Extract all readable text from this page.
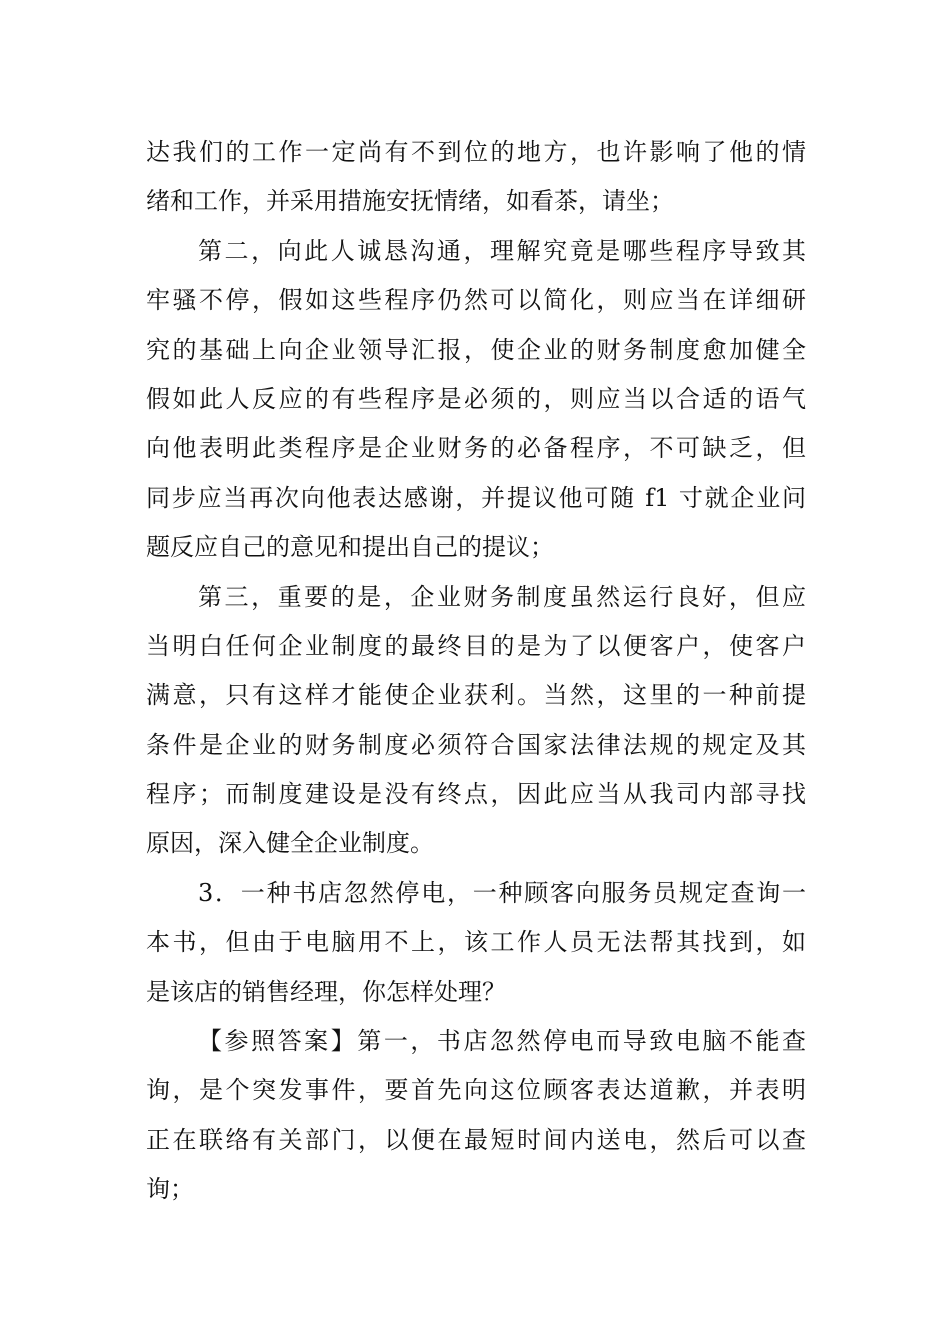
达我们的工作一定尚有不到位的地方，也许影响了他的情
绪和工作，并采用措施安抚情绪，如看茶，请坐；
第二，向此人诚恳沟通，理解究竟是哪些程序导致其
牢骚不停，假如这些程序仍然可以简化，则应当在详细研
究的基础上向企业领导汇报，使企业的财务制度愈加健全
假如此人反应的有些程序是必须的，则应当以合适的语气
向他表明此类程序是企业财务的必备程序，不可缺乏，但
同步应当再次向他表达感谢，并提议他可随 f1 寸就企业问
题反应自己的意见和提出自己的提议；
第三，重要的是，企业财务制度虽然运行良好，但应
当明白任何企业制度的最终目的是为了以便客户，使客户
满意，只有这样才能使企业获利。当然，这里的一种前提
条件是企业的财务制度必须符合国家法律法规的规定及其
程序；而制度建设是没有终点，因此应当从我司内部寻找
原因，深入健全企业制度。
3．一种书店忽然停电，一种顾客向服务员规定查询一
本书，但由于电脑用不上，该工作人员无法帮其找到，如
是该店的销售经理，你怎样处理？
【参照答案】第一，书店忽然停电而导致电脑不能查
询，是个突发事件，要首先向这位顾客表达道歉，并表明
正在联络有关部门，以便在最短时间内送电，然后可以查
询；
